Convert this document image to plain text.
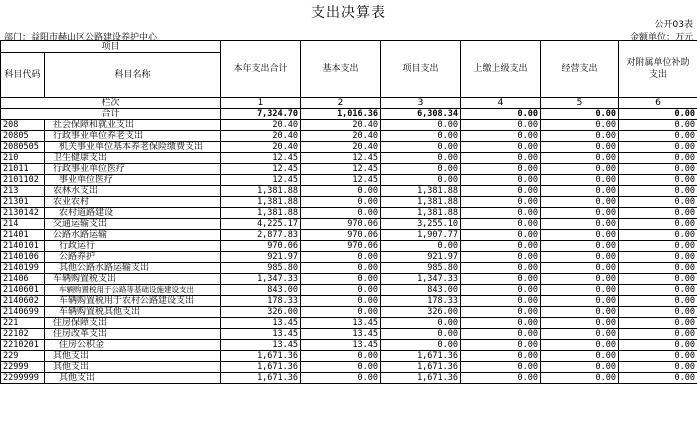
支出决算表
公开03表
部门：益阳市赫山区公路建设养护中心	金额单位：万元
项目		本年支出合计	基本支出	项目支出	上缴上级支出	经营支出	对附属单位补助支出
科目代码	科目名称						

栏次		1	2	3	4	5	6
合计		7,324.70	1,016.36	6,308.34	0.00	0.00	0.00
208	社会保障和就业支出	20.40	20.40	0.00	0.00	0.00	0.00
20805	行政事业单位养老支出	20.40	20.40	0.00	0.00	0.00	0.00
2080505	机关事业单位基本养老保险缴费支出	20.40	20.40	0.00	0.00	0.00	0.00
210	卫生健康支出	12.45	12.45	0.00	0.00	0.00	0.00
21011	行政事业单位医疗	12.45	12.45	0.00	0.00	0.00	0.00
2101102	事业单位医疗	12.45	12.45	0.00	0.00	0.00	0.00
213	农林水支出	1,381.88	0.00	1,381.88	0.00	0.00	0.00
21301	农业农村	1,381.88	0.00	1,381.88	0.00	0.00	0.00
2130142	农村道路建设	1,381.88	0.00	1,381.88	0.00	0.00	0.00
214	交通运输支出	4,225.17	970.06	3,255.10	0.00	0.00	0.00
21401	公路水路运输	2,877.83	970.06	1,907.77	0.00	0.00	0.00
2140101	行政运行	970.06	970.06	0.00	0.00	0.00	0.00
2140106	公路养护	921.97	0.00	921.97	0.00	0.00	0.00
2140199	其他公路水路运输支出	985.80	0.00	985.80	0.00	0.00	0.00
21406	车辆购置税支出	1,347.33	0.00	1,347.33	0.00	0.00	0.00
2140601	车辆购置税用于公路等基础设施建设支出	843.00	0.00	843.00	0.00	0.00	0.00
2140602	车辆购置税用于农村公路建设支出	178.33	0.00	178.33	0.00	0.00	0.00
2140699	车辆购置税其他支出	326.00	0.00	326.00	0.00	0.00	0.00
221	住房保障支出	13.45	13.45	0.00	0.00	0.00	0.00
22102	住房改革支出	13.45	13.45	0.00	0.00	0.00	0.00
2210201	住房公积金	13.45	13.45	0.00	0.00	0.00	0.00
229	其他支出	1,671.36	0.00	1,671.36	0.00	0.00	0.00
22999	其他支出	1,671.36	0.00	1,671.36	0.00	0.00	0.00
2299999	其他支出	1,671.36	0.00	1,671.36	0.00	0.00	0.00
